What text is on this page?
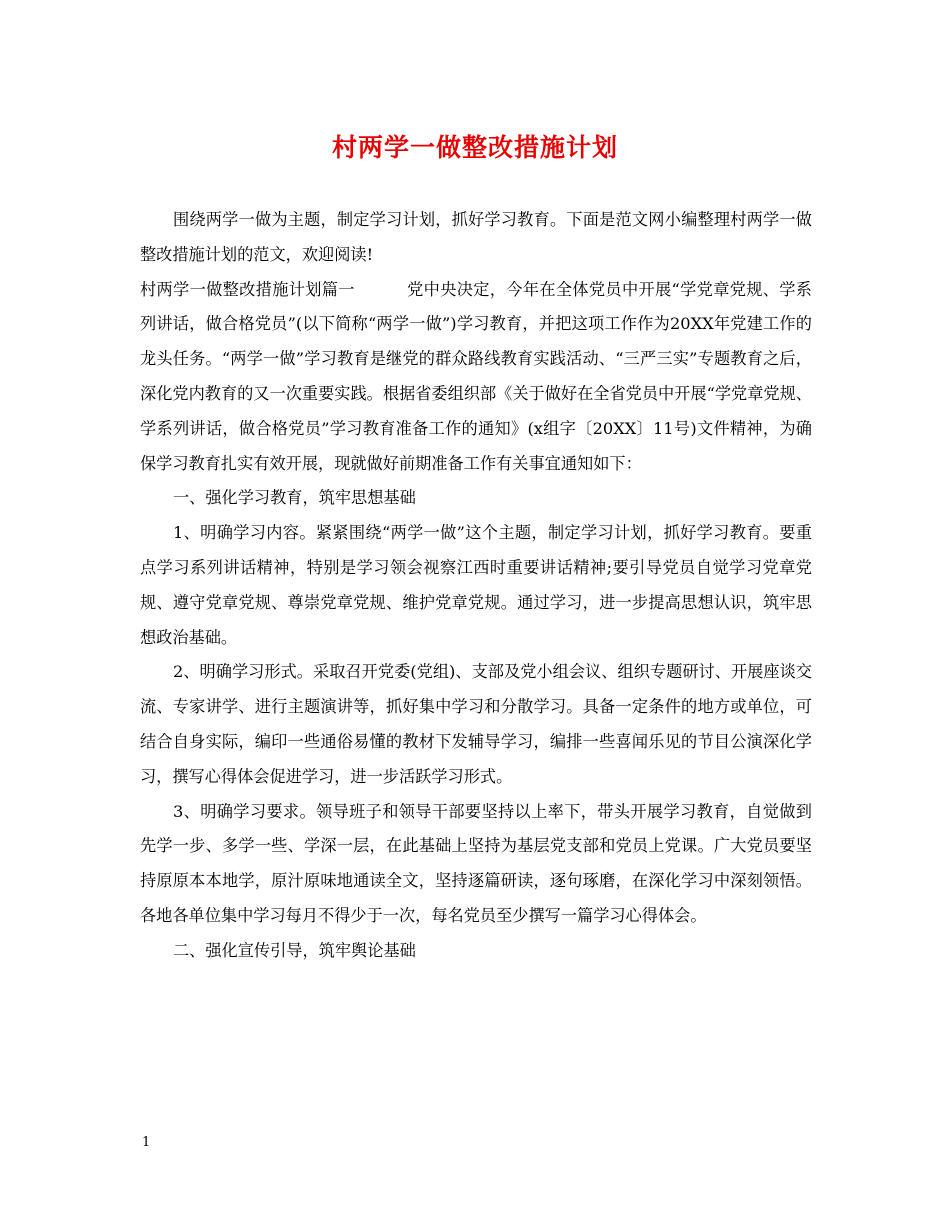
村两学一做整改措施计划

围绕两学一做为主题，制定学习计划，抓好学习教育。下面是范文网小编整理村两学一做整改措施计划的范文，欢迎阅读!

村两学一做整改措施计划篇一	党中央决定，今年在全体党员中开展“学党章党规、学系列讲话，做合格党员”(以下简称“两学一做”)学习教育，并把这项工作作为20XX年党建工作的龙头任务。“两学一做”学习教育是继党的群众路线教育实践活动、“三严三实”专题教育之后，深化党内教育的又一次重要实践。根据省委组织部《关于做好在全省党员中开展“学党章党规、学系列讲话，做合格党员”学习教育准备工作的通知》(x组字〔20XX〕11号)文件精神，为确保学习教育扎实有效开展，现就做好前期准备工作有关事宜通知如下：

一、强化学习教育，筑牢思想基础

1、明确学习内容。紧紧围绕“两学一做”这个主题，制定学习计划，抓好学习教育。要重点学习系列讲话精神，特别是学习领会视察江西时重要讲话精神;要引导党员自觉学习党章党规、遵守党章党规、尊崇党章党规、维护党章党规。通过学习，进一步提高思想认识，筑牢思想政治基础。

2、明确学习形式。采取召开党委(党组)、支部及党小组会议、组织专题研讨、开展座谈交流、专家讲学、进行主题演讲等，抓好集中学习和分散学习。具备一定条件的地方或单位，可结合自身实际，编印一些通俗易懂的教材下发辅导学习，编排一些喜闻乐见的节目公演深化学习，撰写心得体会促进学习，进一步活跃学习形式。

3、明确学习要求。领导班子和领导干部要坚持以上率下，带头开展学习教育，自觉做到先学一步、多学一些、学深一层，在此基础上坚持为基层党支部和党员上党课。广大党员要坚持原原本本地学，原汁原味地通读全文，坚持逐篇研读，逐句琢磨，在深化学习中深刻领悟。各地各单位集中学习每月不得少于一次，每名党员至少撰写一篇学习心得体会。

二、强化宣传引导，筑牢舆论基础

1
